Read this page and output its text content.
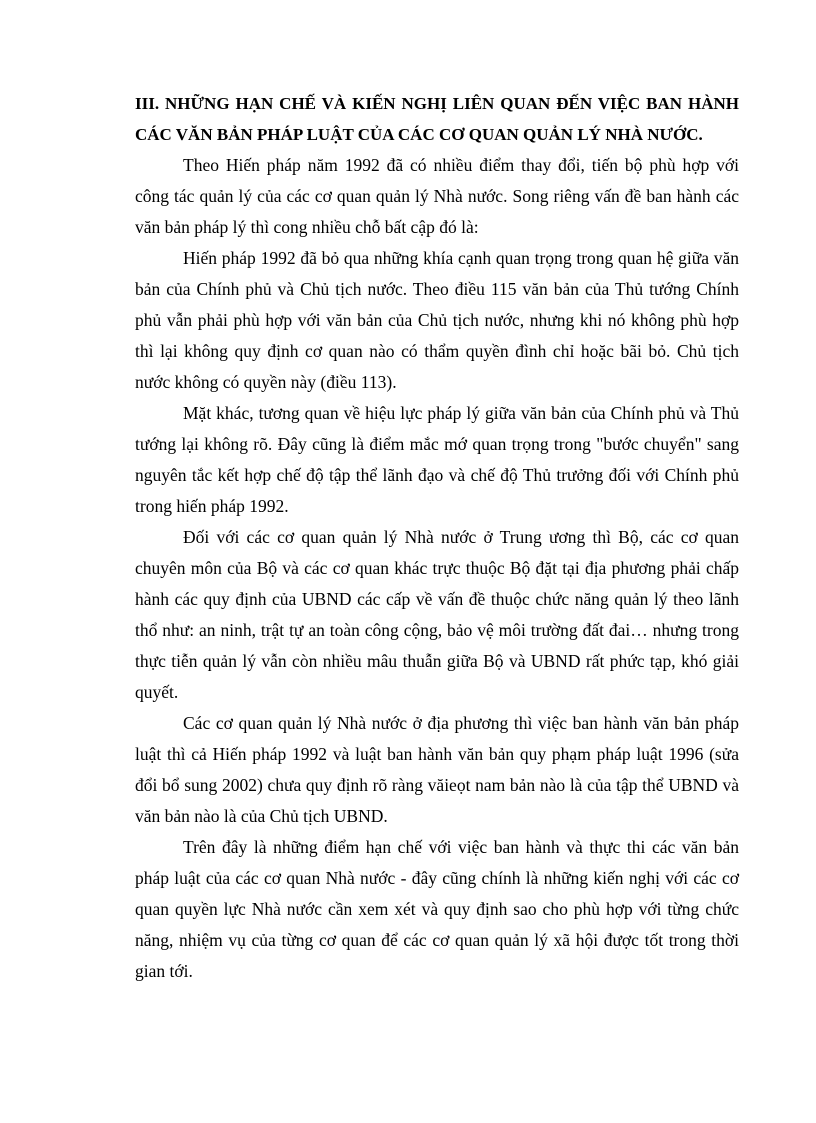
III. NHỮNG HẠN CHẾ VÀ KIẾN NGHỊ LIÊN QUAN ĐẾN VIỆC BAN HÀNH CÁC VĂN BẢN PHÁP LUẬT CỦA CÁC CƠ QUAN QUẢN LÝ NHÀ NƯỚC.

Theo Hiến pháp năm 1992 đã có nhiều điểm thay đổi, tiến bộ phù hợp với công tác quản lý của các cơ quan quản lý Nhà nước. Song riêng vấn đề ban hành các văn bản pháp lý thì cong nhiều chỗ bất cập đó là:

Hiến pháp 1992 đã bỏ qua những khía cạnh quan trọng trong quan hệ giữa văn bản của Chính phủ và Chủ tịch nước. Theo điều 115 văn bản của Thủ tướng Chính phủ vẫn phải phù hợp với văn bản của Chủ tịch nước, nhưng khi nó không phù hợp thì lại không quy định cơ quan nào có thẩm quyền đình chỉ hoặc bãi bỏ. Chủ tịch nước không có quyền này (điều 113).

Mặt khác, tương quan về hiệu lực pháp lý giữa văn bản của Chính phủ và Thủ tướng lại không rõ. Đây cũng là điểm mắc mớ quan trọng trong "bước chuyển" sang nguyên tắc kết hợp chế độ tập thể lãnh đạo và chế độ Thủ trưởng đối với Chính phủ trong hiến pháp 1992.

Đối với các cơ quan quản lý Nhà nước ở Trung ương thì Bộ, các cơ quan chuyên môn của Bộ và các cơ quan khác trực thuộc Bộ đặt tại địa phương phải chấp hành các quy định của UBND các cấp về vấn đề thuộc chức năng quản lý theo lãnh thổ như: an ninh, trật tự an toàn công cộng, bảo vệ môi trường đất đai… nhưng trong thực tiễn quản lý vẫn còn nhiều mâu thuẫn giữa Bộ và UBND rất phức tạp, khó giải quyết.

Các cơ quan quản lý Nhà nước ở địa phương thì việc ban hành văn bản pháp luật thì cả Hiến pháp 1992 và luật ban hành văn bản quy phạm pháp luật 1996 (sửa đổi bổ sung 2002) chưa quy định rõ ràng văieọt nam bản nào là của tập thể UBND và văn bản nào là của Chủ tịch UBND.

Trên đây là những điểm hạn chế với việc ban hành và thực thi các văn bản pháp luật của các cơ quan Nhà nước - đây cũng chính là những kiến nghị với các cơ quan quyền lực Nhà nước cần xem xét và quy định sao cho phù hợp với từng chức năng, nhiệm vụ của từng cơ quan để các cơ quan quản lý xã hội được tốt trong thời gian tới.
